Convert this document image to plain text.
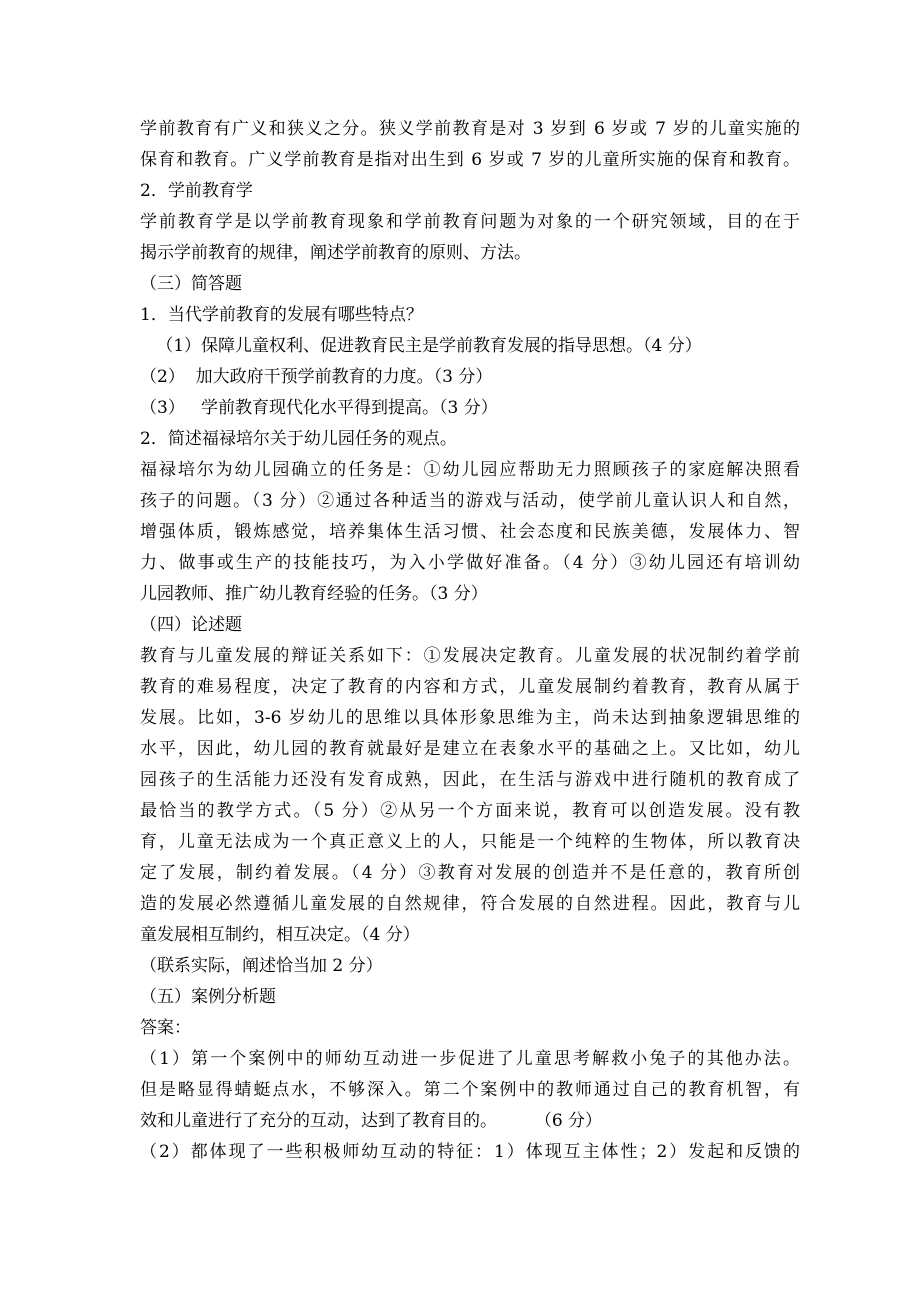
学前教育有广义和狭义之分。狭义学前教育是对 3 岁到 6 岁或 7 岁的儿童实施的
保育和教育。广义学前教育是指对出生到 6 岁或 7 岁的儿童所实施的保育和教育。
2．学前教育学
学前教育学是以学前教育现象和学前教育问题为对象的一个研究领域，目的在于
揭示学前教育的规律，阐述学前教育的原则、方法。
（三）简答题
1．当代学前教育的发展有哪些特点？
（1）保障儿童权利、促进教育民主是学前教育发展的指导思想。（4 分）
（2）  加大政府干预学前教育的力度。（3 分）
（3）   学前教育现代化水平得到提高。（3 分）
2．简述福禄培尔关于幼儿园任务的观点。
福禄培尔为幼儿园确立的任务是：①幼儿园应帮助无力照顾孩子的家庭解决照看
孩子的问题。（3 分）②通过各种适当的游戏与活动，使学前儿童认识人和自然，
增强体质，锻炼感觉，培养集体生活习惯、社会态度和民族美德，发展体力、智
力、做事或生产的技能技巧，为入小学做好准备。（4 分）③幼儿园还有培训幼
儿园教师、推广幼儿教育经验的任务。（3 分）
（四）论述题
教育与儿童发展的辩证关系如下：①发展决定教育。儿童发展的状况制约着学前
教育的难易程度，决定了教育的内容和方式，儿童发展制约着教育，教育从属于
发展。比如，3-6 岁幼儿的思维以具体形象思维为主，尚未达到抽象逻辑思维的
水平，因此，幼儿园的教育就最好是建立在表象水平的基础之上。又比如，幼儿
园孩子的生活能力还没有发育成熟，因此，在生活与游戏中进行随机的教育成了
最恰当的教学方式。（5 分）②从另一个方面来说，教育可以创造发展。没有教
育，儿童无法成为一个真正意义上的人，只能是一个纯粹的生物体，所以教育决
定了发展，制约着发展。（4 分）③教育对发展的创造并不是任意的，教育所创
造的发展必然遵循儿童发展的自然规律，符合发展的自然进程。因此，教育与儿
童发展相互制约，相互决定。（4 分）
（联系实际，阐述恰当加 2 分）
（五）案例分析题
答案：
（1）第一个案例中的师幼互动进一步促进了儿童思考解救小兔子的其他办法。
但是略显得蜻蜓点水，不够深入。第二个案例中的教师通过自己的教育机智，有
效和儿童进行了充分的互动，达到了教育目的。       （6 分）
（2）都体现了一些积极师幼互动的特征：1）体现互主体性；2）发起和反馈的
